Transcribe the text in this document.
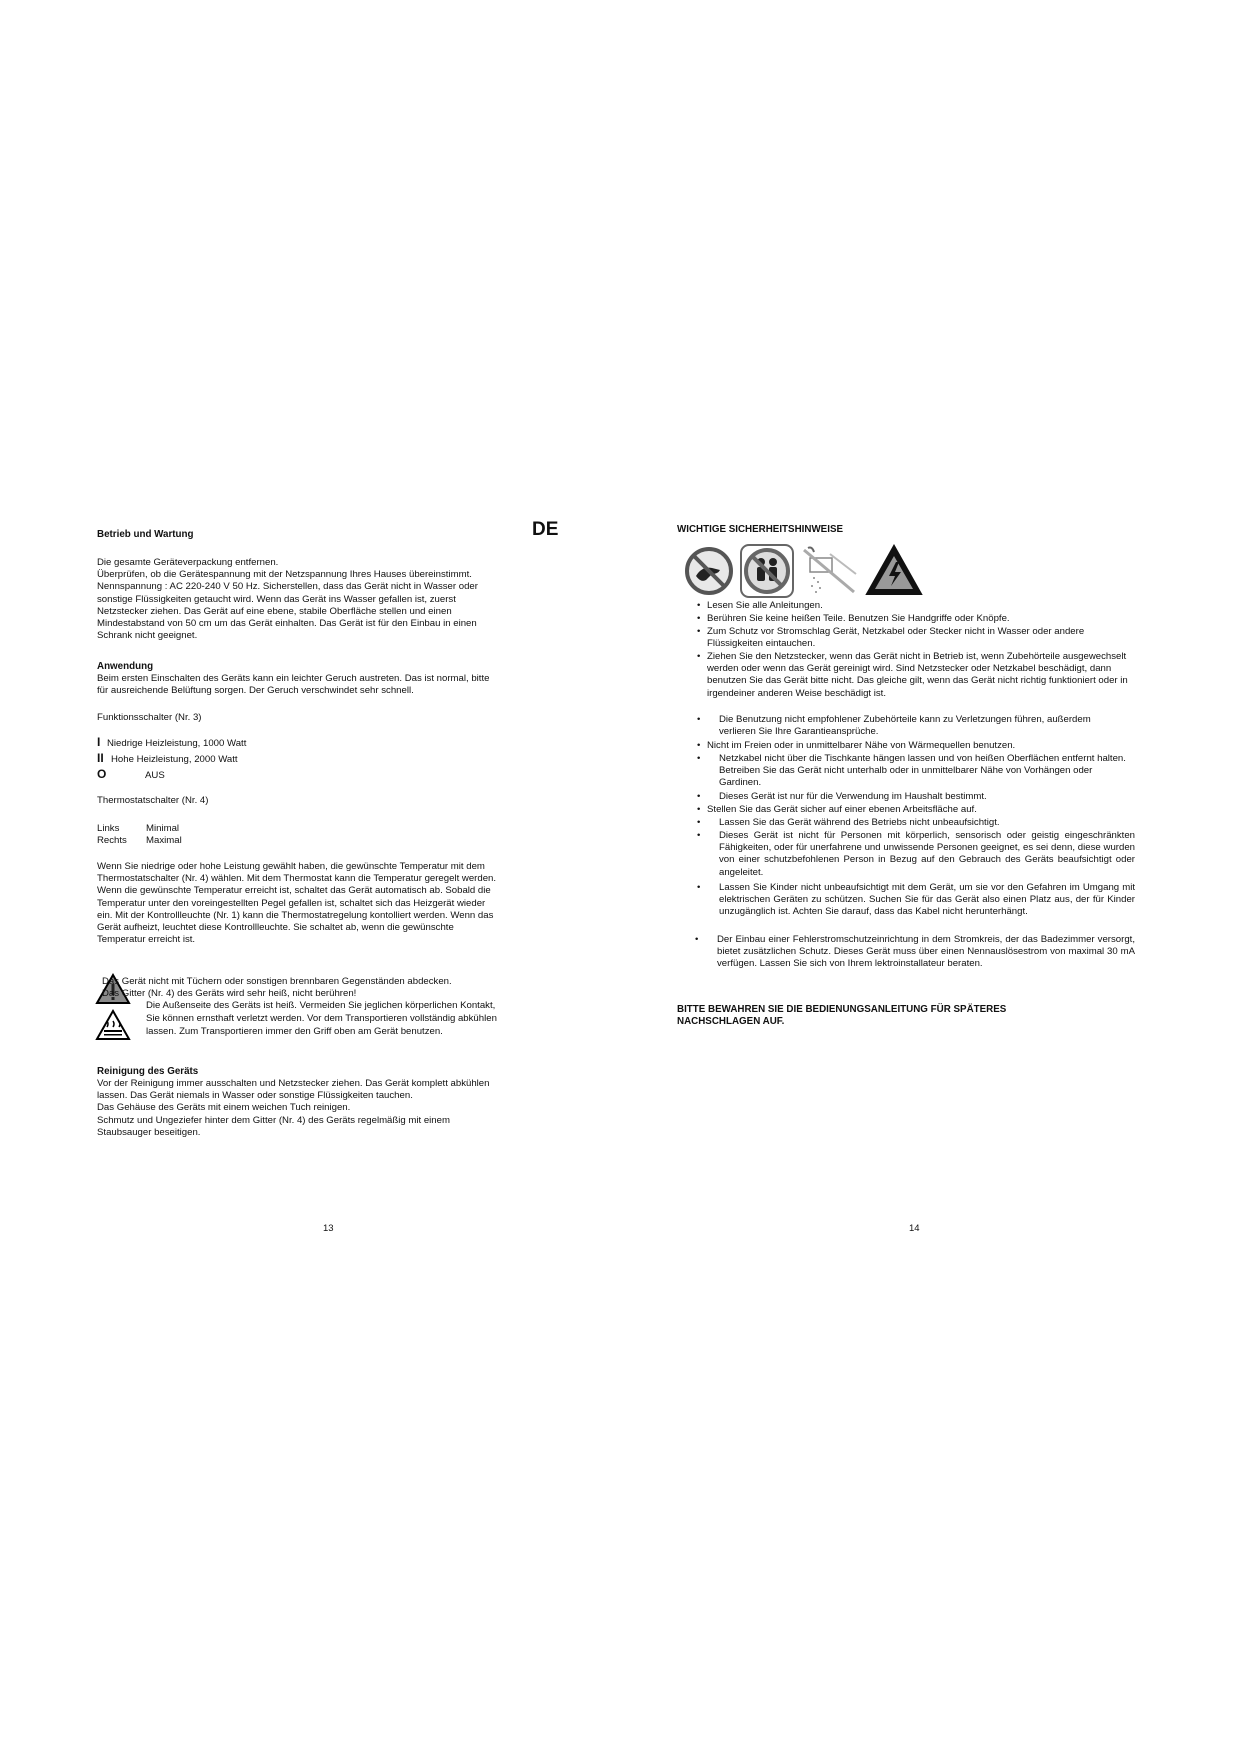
Betrieb und Wartung	DE
Die gesamte Geräteverpackung entfernen.
Überprüfen, ob die Gerätespannung mit der Netzspannung Ihres Hauses übereinstimmt.
Nennspannung : AC 220-240 V 50 Hz. Sicherstellen, dass das Gerät nicht in Wasser oder
sonstige Flüssigkeiten getaucht wird. Wenn das Gerät ins Wasser gefallen ist, zuerst
Netzstecker ziehen. Das Gerät auf eine ebene, stabile Oberfläche stellen und einen
Mindestabstand von 50 cm um das Gerät einhalten. Das Gerät ist für den Einbau in einen
Schrank nicht geeignet.
Anwendung
Beim ersten Einschalten des Geräts kann ein leichter Geruch austreten. Das ist normal, bitte
für ausreichende Belüftung sorgen. Der Geruch verschwindet sehr schnell.
Funktionsschalter (Nr. 3)
I Niedrige Heizleistung, 1000 Watt
II Hohe Heizleistung, 2000 Watt
O	AUS
Thermostatschalter (Nr. 4)
Links	Minimal
Rechts	Maximal
Wenn Sie niedrige oder hohe Leistung gewählt haben, die gewünschte Temperatur mit dem
Thermostatschalter (Nr. 4) wählen. Mit dem Thermostat kann die Temperatur geregelt werden.
Wenn die gewünschte Temperatur erreicht ist, schaltet das Gerät automatisch ab. Sobald die
Temperatur unter den voreingestellten Pegel gefallen ist, schaltet sich das Heizgerät wieder
ein. Mit der Kontrollleuchte (Nr. 1) kann die Thermostatregelung kontolliert werden. Wenn das
Gerät aufheizt, leuchtet diese Kontrollleuchte. Sie schaltet ab, wenn die gewünschte
Temperatur erreicht ist.
Das Gerät nicht mit Tüchern oder sonstigen brennbaren Gegenständen abdecken.
Das Gitter (Nr. 4) des Geräts wird sehr heiß, nicht berühren!
Die Außenseite des Geräts ist heiß. Vermeiden Sie jeglichen körperlichen Kontakt,
Sie können ernsthaft verletzt werden. Vor dem Transportieren vollständig abkühlen
lassen. Zum Transportieren immer den Griff oben am Gerät benutzen.
Reinigung des Geräts
Vor der Reinigung immer ausschalten und Netzstecker ziehen. Das Gerät komplett abkühlen
lassen. Das Gerät niemals in Wasser oder sonstige Flüssigkeiten tauchen.
Das Gehäuse des Geräts mit einem weichen Tuch reinigen.
Schmutz und Ungeziefer hinter dem Gitter (Nr. 4) des Geräts regelmäßig mit einem
Staubsauger beseitigen.
13
WICHTIGE SICHERHEITSHINWEISE
• Lesen Sie alle Anleitungen.
• Berühren Sie keine heißen Teile. Benutzen Sie Handgriffe oder Knöpfe.
• Zum Schutz vor Stromschlag Gerät, Netzkabel oder Stecker nicht in Wasser oder andere Flüssigkeiten eintauchen.
• Ziehen Sie den Netzstecker, wenn das Gerät nicht in Betrieb ist, wenn Zubehörteile ausgewechselt werden oder wenn das Gerät gereinigt wird. Sind Netzstecker oder Netzkabel beschädigt, dann benutzen Sie das Gerät bitte nicht. Das gleiche gilt, wenn das Gerät nicht richtig funktioniert oder in irgendeiner anderen Weise beschädigt ist.
• Die Benutzung nicht empfohlener Zubehörteile kann zu Verletzungen führen, außerdem verlieren Sie Ihre Garantieansprüche.
• Nicht im Freien oder in unmittelbarer Nähe von Wärmequellen benutzen.
• Netzkabel nicht über die Tischkante hängen lassen und von heißen Oberflächen entfernt halten. Betreiben Sie das Gerät nicht unterhalb oder in unmittelbarer Nähe von Vorhängen oder Gardinen.
• Dieses Gerät ist nur für die Verwendung im Haushalt bestimmt.
• Stellen Sie das Gerät sicher auf einer ebenen Arbeitsfläche auf.
• Lassen Sie das Gerät während des Betriebs nicht unbeaufsichtigt.
• Dieses Gerät ist nicht für Personen mit körperlich, sensorisch oder geistig eingeschränkten Fähigkeiten, oder für unerfahrene und unwissende Personen geeignet, es sei denn, diese wurden von einer schutzbefohlenen Person in Bezug auf den Gebrauch des Geräts beaufsichtigt oder angeleitet.
• Lassen Sie Kinder nicht unbeaufsichtigt mit dem Gerät, um sie vor den Gefahren im Umgang mit elektrischen Geräten zu schützen. Suchen Sie für das Gerät also einen Platz aus, der für Kinder unzugänglich ist. Achten Sie darauf, dass das Kabel nicht herunterhängt.
• Der Einbau einer Fehlerstromschutzeinrichtung in dem Stromkreis, der das Badezimmer versorgt, bietet zusätzlichen Schutz. Dieses Gerät muss über einen Nennauslösestrom von maximal 30 mA verfügen. Lassen Sie sich von Ihrem lektroinstallateur beraten.
BITTE BEWAHREN SIE DIE BEDIENUNGSANLEITUNG FÜR SPÄTERES NACHSCHLAGEN AUF.
14
